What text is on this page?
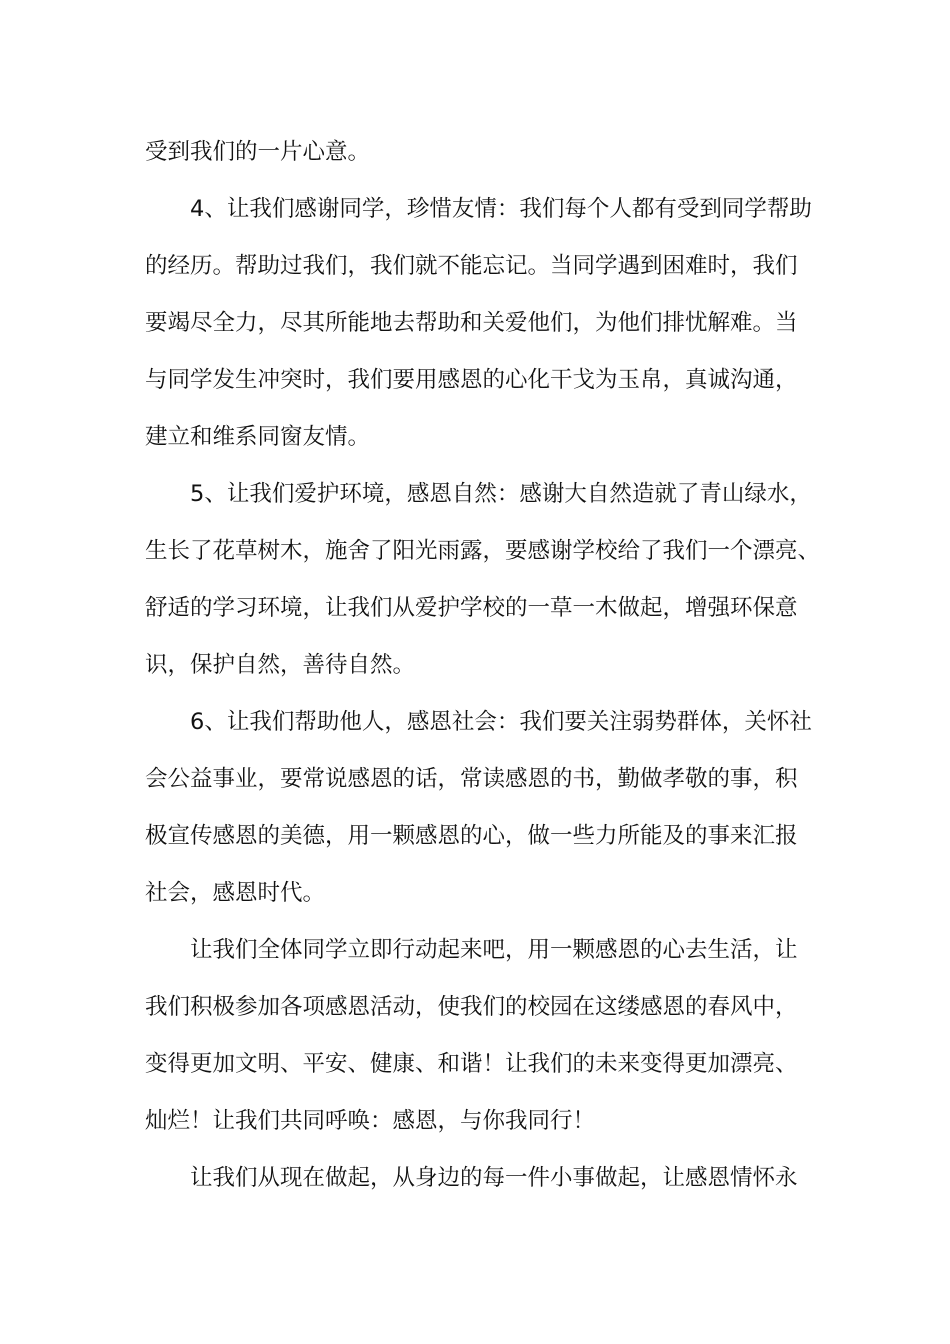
受到我们的一片心意。
4、让我们感谢同学，珍惜友情：我们每个人都有受到同学帮助
的经历。帮助过我们，我们就不能忘记。当同学遇到困难时，我们
要竭尽全力，尽其所能地去帮助和关爱他们，为他们排忧解难。当
与同学发生冲突时，我们要用感恩的心化干戈为玉帛，真诚沟通，
建立和维系同窗友情。
5、让我们爱护环境，感恩自然：感谢大自然造就了青山绿水，
生长了花草树木，施舍了阳光雨露，要感谢学校给了我们一个漂亮、
舒适的学习环境，让我们从爱护学校的一草一木做起，增强环保意
识，保护自然，善待自然。
6、让我们帮助他人，感恩社会：我们要关注弱势群体，关怀社
会公益事业，要常说感恩的话，常读感恩的书，勤做孝敬的事，积
极宣传感恩的美德，用一颗感恩的心，做一些力所能及的事来汇报
社会，感恩时代。
让我们全体同学立即行动起来吧，用一颗感恩的心去生活，让
我们积极参加各项感恩活动，使我们的校园在这缕感恩的春风中，
变得更加文明、平安、健康、和谐！让我们的未来变得更加漂亮、
灿烂！让我们共同呼唤：感恩，与你我同行！
让我们从现在做起，从身边的每一件小事做起，让感恩情怀永
